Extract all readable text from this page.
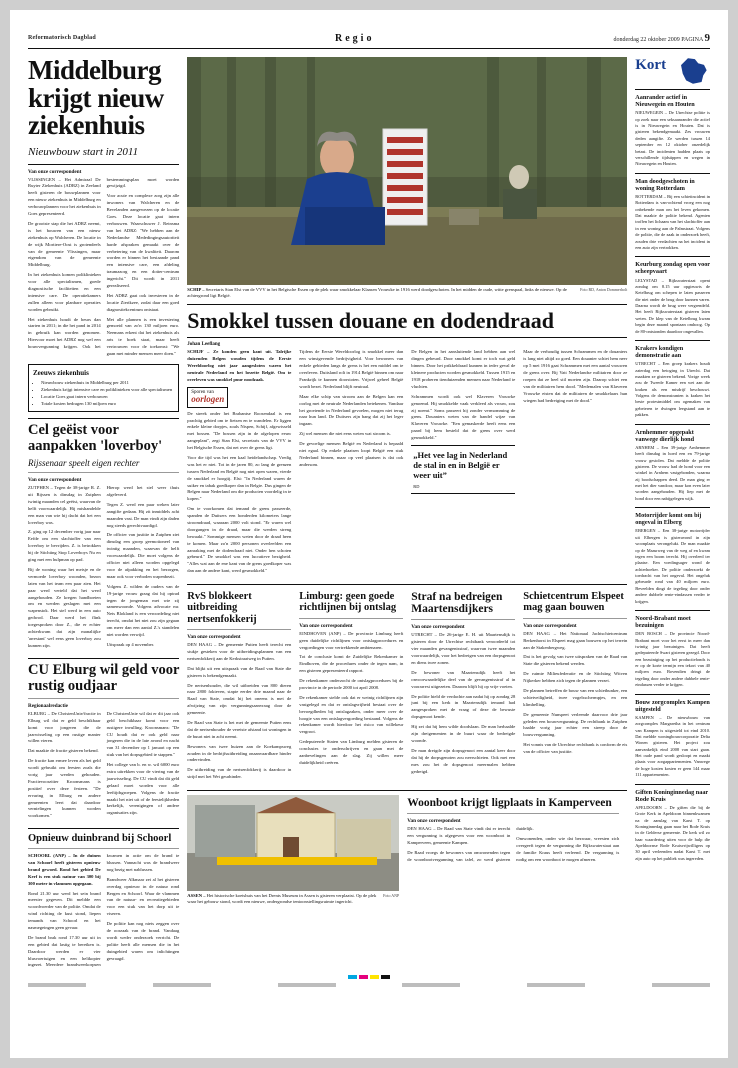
Reformatorisch Dagblad	Regio	donderdag 22 oktober 2009 PAGINA 9
Middelburg krijgt nieuw ziekenhuis
Nieuwbouw start in 2011
Van onze correspondent

VLISSINGEN – Het Admiraal De Ruyter Ziekenhuis (ADRZ) in Zeeland heeft gisteren de bouwplannen voor een nieuw ziekenhuis in Middelburg en verbouwplannen voor het ziekenhuis in Goes gepresenteerd.

De grootste stap die het ADRZ neemt, is het bouwen van een nieuw ziekenhuis op Walcheren. De locatie in de wijk Mortiere-Oost is grotendeels van de gemeente Vlissingen, maar eigendom van de gemeente Middelburg.

In het ziekenhuis komen poliklinieken voor alle specialismen, goede diagnostische faciliteiten en een intensive care. De operatiekamers zullen alleen voor planbare operaties worden gebruikt.

Het ziekenhuis houdt de beurs dan starten in 2011; in die het pand in 2014 in gebruik kan worden genomen. Hiervoor moet het ADRZ nog wel een bouwvergunning krijgen. Ook het bestemmingsplan moet worden gewijzigd.

Voor acute en complexe zorg zijn alle inwoners van Walcheren en de Bevelanden aangewezen op de locatie Goes. Deze locatie gaat intern verbouwen. Waarschuwer J. Reinsma van het ADRZ: "We hebben aan de Nederlandse Mededingingsautoriteit harde afspraken gemaakt over de verbetering van de kwaliteit. Daarom worden er binnen het bestaande pand een intensive care, een afdeling traumazorg en een dotter-centrum ingericht." Dit wordt in 2011 gerealiseerd.

Het ADRZ gaat ook investeren in de locatie Zierikzee, zodat daar een goed diagnostiekcentrum ontstaat.

Met alle plannen is een investering gemoeid van zo'n 130 miljoen euro. Neemans erkent dat het ziekenhuis als arts te boek staat, maar heeft vertrouwen voor de toekomst: "We gaan met minder mensen meer doen."

Zeeuws ziekenhuis
• Nieuwbouw ziekenhuis in Middelburg per 2011
• Ziekenhuis krijgt intensive care en poliklinieken voor alle specialismen
• Locatie Goes gaat intern verbouwen
• Totale kosten bedragen 130 miljoen euro
Cel geëist voor aanpakken 'loverboy'
Rijssenaar speelt eigen rechter
Van onze correspondent

ZUTPHEN – Tegen de 38-jarige R. Z. uit Rijssen is dinsdag in Zutphen twintig maanden cel geëist, waarvan de helft voorwaardelijk. Hij mishandelde een man van wie hij dacht dat het een loverboy was.

Z. ging op 12 december vorig jaar naar Eefde om een slachtoffer van een loverboy te bevrijden. Z. is betrokken bij de Stichting Stop Loverboys Nu en ging met een hulpman op pad.

Bij de woning waar het meisje en de vermoede loverboy woonden, bezon laten van het team een paar zien. Het paar werd verteld dat het werd aangehouden. Ze kregen handboeien om en werden geslagen met een wapenstok. Het stel werd in een auto gedwod. Daar werd het flink toegesproken door Z., die er echter achterkwam dat zijn manaliijke 'arrestant' wel eens geen loverboy zou kunnen zijn.

Hierop werd het stel weer thuis afgeleverd.

Tegen Z. werd een paar weken later aangifte gedaan. Hij zit inmiddels acht maanden vast. De man vindt zijn daden nog steeds gerechtvaardigd.

De officier van justitie in Zutphen ziet dinsdag een groep geemotioneel van twintig maanden, waarvan de helft voorwaardelijk. Die moet volgens de officier niet alleen worden opgelegd voor de afpakking en het bezorgen, maar ook voor verboden wapenbezit.

Volgens Z. wilden de ouders van de 19-jarige vrouw graag dat hij optrad tegen de jongeman met wie zij samenwoonde. Volgens advocate mr. Neis Blokland is een veroordeling niet terecht, omdat het niet zou zijn gegaan om meer dan een aantal Z.'s standelen niet worden verwijd.

Uitspraak op 4 november.

CU Elburg wil geld voor rustig oudjaar
Regionaalredactie

ELBURG – De ChristenUnie/fractie in Elburg wil dat er geld beschikbaar komt voor jongeren die de jaarwisseling op een rustige manier willen vieren.

Dat maakte de fractie gisteren bekend.

De fractie kan ermee leven als het geld wordt gebruikt om feesten zoals die vorig jaar werden gehouden. Fractievoorzitter Kroonsmans is positief over deze festeen. "De ervaring in Elburg en andere gemeenten leert dat daardoor vernielingen kunnen worden voorkomen."

De ChristenUnie wil dat er dit jaar ook geld beschikbaar komt voor een rustigere invulling. Kroonsmans: "De CU houdt dat er ook geld naar jongeren die in de late avond en nacht van 31 december op 1 januari op een stuk van het dorpsgebied te stappen."

Het college van b. en w. wil 6000 euro extra uitrekken voor de viering van de jaarwisseling. De CU vindt dat dit geld gelaad moet worden voor alle leeftijdsgroepen. Volgens de fractie maakt het niet uit of de feestelijkheden kerkelijk, verenigingen of andere organisaties zijn.

Opnieuw duinbrand bij Schoorl

SCHOORL (ANP) – In de duinen van Schoorl heeft gisteren opnieuw brand gewoed. Rond het gebied De Kerf is een stuk natuur van 300 bij 300 meter in vlammen opgegaan.

Rond 21.30 uur werd het sein brand meester gegeven. Dit meldde een woordvoerder van de politie. Omdat de wind richting de kust stond, liepen iemands van Schoorl en het nasmegeingen geen gevaar.

De brand brak rond 17.30 uur uit in een gebied dat lastig te bereiken is. Daardoor werden er vier blusvoertuigen en een helikopter ingezet. Meerdere brandweerkorpsen kwamen in actie om de brand te blussen. Vannacht was de brandweer nog bezig met nablussen.

Brandweer Alkmaar zei al het gisteren overdag opnieuw in de natuur rond Bergen en Schoorl. Waar de vlammen van de natuur- en recreatiegebieden voor een stuk van het dorp uit te viseren.

De politie kan nog niets zeggen over de oorzaak van de brand. Vandaag wordt weder onderzoek verricht. De politie heeft alle mensen die in het duingebied waren om inlichtingen gevraagd.

Foto RD, Anton Dommerholt
SCHIP – Secretaris Stan Elst van de VVV in het Belgische Essen op de plek waar smokkelaar Klaasen Vrouwke in 1916 werd doodgeschoten. In het midden de oude, witte grenspaal, links de nieuwe. Op de achtergrond ligt België.
Smokkel tussen douane en dodendraad
Johan Leeflang

SCHIJF – Ze konden geen kant uit. Talrijke duizenden Belgen wouden tijdens de Eerste Wereldoorlog niet jaar aangesloten waren het neutrale Nederland en het bezette België. Om te overleven was smokkel puur noodzaak.

Sporen van
oorlogen

De streek onder het Brabantse Roosendaal is een prachtig gebied om te fietsen en te wandelen. Er liggen enkele kleine dorpjes, zoals Nispen, Schijf, afgewisseld met bossen. "De bossen zijn in de afgelopen eeuw aangeplant", zegt Stan Elst, secretaris van de VVV in het Belgische Essen, dat net over de grens ligt.

Voor die tijd was het een kaal heidelandschap. Vredig was het er niet. Tot in de jaren 80, zo lang de grenzen tussen Nederland en België nog niet open waren, vierde de smokkel er hoogtij. Elst: "In Nederland waren de suiker en tabak goedkoper dan in Belgie. Dus gingen de Belgen naar Nederland om die producten voordelig in te kopen."

Om te voorkomen dat iemand de grens passeerde, spanden de Duitsers een honderden kilometers lange stroomdraad, waaraan 2000 volt stond. "Er waren wel doorgangen in de draad, maar die werden streng bewaakt." Sommige mensen weten door de draad heen te komen. Maar zo'n 2000 personen overleefden een aanraking met de dodendraad niet. Onder hen schoten gebeurd." De smokkel was een lucratieve bezigheid. "Alles wat aan de ene kant van de grens goedkoper was dan aan de andere kant, werd gesmokkeld."

Tijdens de Eerste Wereldoorlog is smokkel meer dan een winstgevende bedrijvigheid. Voor bewoners van enkele gebieden langs de grens is het een middel om te overleven. Duitsland rolt in 1914 België binnen om naar Frankrijk te kunnen doorstoten. Vrijwel geheel België wordt bezet. Nederland blijft neutraal.

Maar elke schip van stroom aan de Belgen kan een oorlog met de neutrale Nederlanden betekenen. Vandaar het groeiende in Nederland gevoelen, mogen niet terug naar hun land. De Duitsers zijn bang dat zij het leger ingaan.

Zij wel mensen die niet eens weten wat stroom is.

De gevoelige mensen België en Nederland is bepaald niet egaal. Op enkele plaatsen loopt België een stuk Nederland binnen, maar op veel plaatsen is dat ook andersom.

De Belgen in het aansluitende land hebben aan wel dingen gebeurd. Door smokkel komt er toch wat geld binnen. Door het prikkeldraad kunnen in ieder geval de kleinere producten worden gesmokkeld. Tussen 1915 en 1918 proberen tienduizenden mensen naar Nederland te vluchten.

Schrammen wordt ook wel Klaveren Vrouwke genoemd. Hij smokkelde vaak verkleed als vrouw, zou zij noemt." Soms passeert hij zonder vermomming de grens. Douaniers weten van de handel wijze van Klaveren Vrouwke. "Een gemaskerde heeft eens een paard bij hem besteld dat de grens over werd gesmokkeld."

„Het vee lag in Nederland de stal in en in België er weer uit”
RD

Maar de verhoudig tussen Schrammen en de douaniers is lang niet altijd zo goed. Een douanier schiet hem neer op 5 mei 1916 gaat Schrammen met een aantal vrouwen de grens over. Bij Vatt Nederlandse militairen door ze roepen dat ze heel stil moeten zijn. Daarop schiet een van de militairen hem dood. "Medemalen van Klaveren Vrouwke eisten dat de militairen de smokkelaars hun wiegen had bedreiging met de dood."

RvS blokkeert uitbreiding nertsenfokkerij
Van onze correspondent

DEN HAAG – De gemeente Putten heeft terecht een stukje gesteken voor de uitbreidingsplannen van een nertsenfokkerij aan de Kerkstraatweg in Putten.

Dat blijkt uit een uitspraak van de Raad van State die gisteren is bekendgemaakt.

De nertsenhouder, die wil uitbreiden van 800 dieren naar 2800 fokteven, stapte eerder drie maand naar de Raad van State, omdat hij het oneens is met de afwijzing van zijn vergunningsaanvraag door de gemeente.

De Raad van State is het met de gemeente Putten eens dat de nertsenhouder de vereiste afstand tot woningen in de buurt niet in acht neemt.

Bewoners van twee huizen aan de Koekampsweg zouden in de bedrijfsuitbreiding onaanvaardbare hinder ondervinden.

De uitbreiding van de nertsenfokkerij is daardoor in strijd met het Wet geurhinder.

Limburg: geen goede richtlijnen bij ontslag
Van onze correspondent

EINDHOVEN (ANP) – De provincie Limburg heeft geen duidelijke richtlijnen voor ontslagprocedures en vergoedingen voor vertrekkende ambtenaren.

Tot de conclusie komt de Zuidelijke Rekenkamer in Eindhoven, die de procedures onder de tegen nam, in een gisteren gepresenteerd rapport.

De rekenkamer onderzocht de ontslagprocedures bij de provincie in de periode 2000 tot april 2008.

De rekenkamer stelde ook dat er weinig richtlijnen zijn vastgelegd en dat er ontslagvrijheid bestaat over de bevoegdheden bij ontslagzaken, onder meer over de hoogte van een ontslagvergoeding bestaand. Volgens de rekenkamer wordt hierdoor het risico van willekeur vergroot.

Gedeputeerde Staten van Limburg melden gisteren de conclusies te onderschrijven en gaan met de aanbevelingen aan de slag. Zij willen meer duidelijkheid creëren.

Straf na bedreigen Maartensdijkers
Van onze correspondent

UTRECHT – De 26-jarige E. H. uit Maartensdijk is gisteren door de Utrechtse rechtbank veroordeeld tot vier maanden gevangenisstraf, waarvan twee maanden voorwaardelijk, voor het bedreigen van een dorpsgenoot en diens twee zonen.

De bewoner van Maartensdijk heeft het onvoorwaardelijke deel van de gevangenisstraf al in voorarrest uitgezeten. Daarom blijft hij op vrije voeten.

De politie hield de verdachte aan nadat hij op zondag 28 juni bij een kerk in Maartensdijk iemand had aangesproken met de vraag of deze de bewuste dopsgenoot kende.

Hij zei dat hij hem wilde doodslaan. De man herhaalde zijn dreigementen in de buurt waar de bedreigde woonde.

De man dreigde zijn dorpsgenoot een aantal keer door dat hij de dorpsgenoten zou neerschieten. Ook met een mes zou het de dopsgenoot meermalen hebben gedreigd.

Schietcentrum Elspeet mag gaan bouwen
Van onze correspondent

DEN HAAG – Het Nationaal Jachtschietcentrum Berkenhorst in Elspeet mag gaan bouwen op het terrein aan de Stakenbergweg.

Dat is het gevolg van twee uitspraken van de Raad van State die gisteren bekend werden.

De ruimte Milieufederatie en de Stichting Witven Nijkerker hebben zich tegen de plannen verzet.

De plannen betreffen de bouw van een schietbunker, een schietveiligheid, twee vogelsschermpjes, en een klimhelling.

De gemeente Nunspeet verleende daarvoor drie jaar geleden een bouwvergunning. De rechtbank in Zutphen haalde vorig jaar echter een streep door de bouwvergunning.

Het vonnis van de Utrechtse rechtbank is conform de eis van de officier van justitie.

Foto ANP
ASSEN – Het historische koetshuis van het Drents Museum in Assen is gisteren verplaatst. Op de plek waar het gebouw stond, wordt een nieuwe, ondergrondse tentoonstellingsruimte ingericht.
Woonboot krijgt ligplaats in Kamperveen
Van onze correspondent

DEN HAAG – De Raad van State vindt dat er terecht een vergunning is afgegeven voor een woonboot in Kamperveen, gemeente Kampen.

De Raad vroegs de bewoners van omwonenden tegen de woonbootvergunning van tafel, zo werd gisteren duidelijk.

Omwonenden, onder wie dat bezwaar, vreesten zich overgeeft tegen de vergunning die Rijkswaterstaat aan de familie Kraus heeft verleend. De vergunning is nodig om een woonboot te mogen afmeren.

Kort
Aanrander actief in Nieuwegein en Houten

NIEUWEGEIN – De Utrechtse politie is op zoek naar een seksaanrander die actief is in Nieuwegein en Houten. Dat is gisteren bekendgemaakt. Zes vrouwen deden aangifte. Ze werden tussen 14 september en 12 oktober onzedelijk betast. De incidenten hadden plaats op verschillende tijdstippen en wegen in Nieuwegein en Houten.

Man doodgeschoten in woning Rotterdam

ROTTERDAM – Bij een schietincident in Rotterdam is van-ochtend vroeg een nog onbekende man om het leven gekomen. Dat maakte de politie bekend. Agenten troffen het lichaam van het slachtoffer aan in een woning aan de Palmstraat. Volgens de politie, die de zaak in onderzoek heeft, zouden drie verdachten na het incident in een auto zijn vertrokken.

Keurburg zondag open voor scheepvaart

LELYSTAD – Rijkswaterstaat opent zondag om 8.15 uur opgieuwts de Ketelbrug om schepen te laten passeren die niet onder de brug door kunnen varen. Daarna wordt de brug weer vergrendeld. Het heeft Rijkswaterstaat gisteren laten weten. De klep van de Ketelbrug kwam begin deze maand spontaan omhoog. Op de 80-ontstonden daardoor ongevallen.

Krakers kondigen demonstratie aan

UTRECHT – Een groep krakers houdt zaterdag een betoging in Utrecht. Dat maakten ze gisteren bekend. Vorige week zou de Tweede Kamer een wet aan die kraken als een misdrijf beschouwt. Volgens de demonstranten is kraken het beste protestmiddel om ogemaken van gebeieren te dwingen leegstand aan te pakken.

Arnhemmer opgepakt vanwege dierlijk hond

ARNHEM – Een 39-jarige Arnhemmer heeft dinsdag in hoed een en 79-jarige vrouw gestolen. Dat meldde de politie gisteren. De vrouw had de hond voor een winkel in Arnhem vastgebonden, waarna zij boodschappen deed. De man ging er met het dier vandoor, maar kon even later worden aangehouden. Hij liep met de hond door een nabijgelegen wijk.

Motorrijder komt om bij ongeval in Elberg

EBERGEN – Een 38-jarige motorrijder uit Elbergen is gisteravond in zijn woonplaats verongelukt. De man maakte op de Maasrweg van de weg af en kwam tegen een boom terecht. Hij overleed ter plaatse. Een voedingsager wond de achterhoeker. De politie onderzoekt de toedracht van het ongeval. Het ongeluk gebeurde rond van 40 miljoen euro. Beveelden dingt de tegeling door onder andere dubbele rente-eindassen verder te krijgen.

Noord-Brabant moet bezuinigen

DEN BOSCH – De provincie Noord-Brabant moet voor het eerst in meer dan twintig jaar bezuinigen. Dat heeft gedeputeerde Swart gisteren gezegd. Door een bezuiniging op het productiefonds is er op de korte termijn een tekort van 40 miljoen euro. Bovendien dringt de tegeling door onder andere dubbele rente-eindassen verder te krijgen.

Bouw zorgcomplex Kampen uitgesteld

KAMPEN – De nieuwbouw van zorgcomplex Margaretha in het centrum van Kampen is uitgesteld tot eind 2010. Dat meldde woningbouwcorporatie Delta Wonen gisteren. Het project zou aanvankelijk eind 2008 van start gaan. Het oude pand wordt gesloopt en maakt plaats voor zorgappartementen. Vanwege de hoge kosten kosten er geen 144 maar 111 appartementen.

Giften Koninginnedag naar Rode Kruis

APELDOORN – De giften die bij de Grote Kerk in Apeldoorn binnenkwamen na de aanslag van Karst T. op Koninginnedag gaan naar het Rode Kruis in de Gelderse gemeente. De kerk wil zo haar waardering uiten voor de hulp die Apeldoornse Rode Kruisvrijwilligers op 30 april verleenden nadat Karst T. met zijn auto op het publiek was ingereden.
